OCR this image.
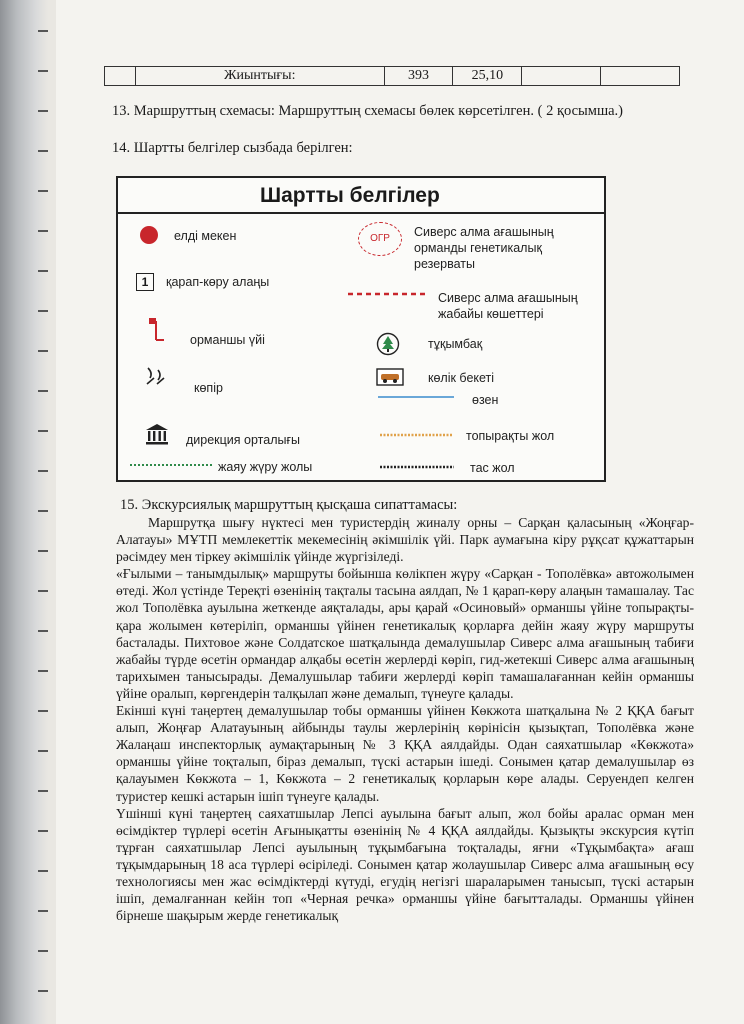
	Жиынтығы:	393	25,10		
13. Маршруттың схемасы: Маршруттың схемасы бөлек көрсетілген. ( 2 қосымша.)
14. Шартты белгілер сызбада берілген:
Шартты белгілер
елді мекен
1	қарап-көру алаңы
орманшы үйі
көпір
дирекция орталығы
жаяу жүру жолы
ОГР	Сиверс алма ағашының орманды генетикалық резерваты
Сиверс алма ағашының жабайы көшеттері
тұқымбақ
көлік бекеті
өзен
топырақты жол
тас жол
15. Экскурсиялық маршруттың қысқаша сипаттамасы:

Маршрутқа шығу нүктесі мен туристердің жиналу орны – Сарқан қаласының «Жоңғар-Алатауы» МҰТП мемлекеттік мекемесінің әкімшілік үйі. Парк аумағына кіру рұқсат құжаттарын рәсімдеу мен тіркеу әкімшілік үйінде жүргізіледі.

«Ғылыми – танымдылық» маршруты бойынша көлікпен жүру «Сарқан - Тополёвка» автожолымен өтеді. Жол үстінде Тереқті өзенінің тақталы тасына аялдап, № 1 қарап-көру алаңын тамашалау. Тас жол Тополёвка ауылына жеткенде аяқталады, ары қарай «Осиновый» орманшы үйіне топырақты-қара жолымен көтеріліп, орманшы үйінен генетикалық қорларға дейін жаяу жүру маршруты басталады. Пихтовое және Солдатское шатқалында демалушылар Сиверс алма ағашының табиғи жабайы түрде өсетін ормандар алқабы өсетін жерлерді көріп, гид-жетекші Сиверс алма ағашының тарихымен танысырады. Демалушылар табиғи жерлерді көріп тамашалағаннан кейін орманшы үйіне оралып, көргендерін талқылап және демалып, түнеуге қалады.

Екінші күні таңертең демалушылар тобы орманшы үйінен Көкжота шатқалына № 2 ҚҚА бағыт алып, Жоңғар Алатауының айбынды таулы жерлерінің көрінісін қызықтап, Тополёвка және Жалаңаш инспекторлық аумақтарының № 3 ҚҚА аялдайды. Одан саяхатшылар «Көкжота» орманшы үйіне тоқталып, біраз демалып, түскі астарын ішеді. Сонымен қатар демалушылар өз қалауымен Көкжота – 1, Көкжота – 2 генетикалық қорларын көре алады. Серуендеп келген туристер кешкі астарын ішіп түнеуге қалады.

Үшінші күні таңертең саяхатшылар Лепсі ауылына бағыт алып, жол бойы аралас орман мен өсімдіктер түрлері өсетін Ағынықатты өзенінің № 4 ҚҚА аялдайды. Қызықты экскурсия күтіп тұрған саяхатшылар Лепсі ауылының тұқымбағына тоқталады, яғни «Тұқымбақта» ағаш тұқымдарының 18 аса түрлері өсіріледі. Сонымен қатар жолаушылар Сиверс алма ағашының өсу технологиясы мен жас өсімдіктерді күтуді, егудің негізгі шараларымен танысып, түскі астарын ішіп, демалғаннан кейін топ «Черная речка» орманшы үйіне бағытталады. Орманшы үйінен бірнеше шақырым жерде генетикалық
